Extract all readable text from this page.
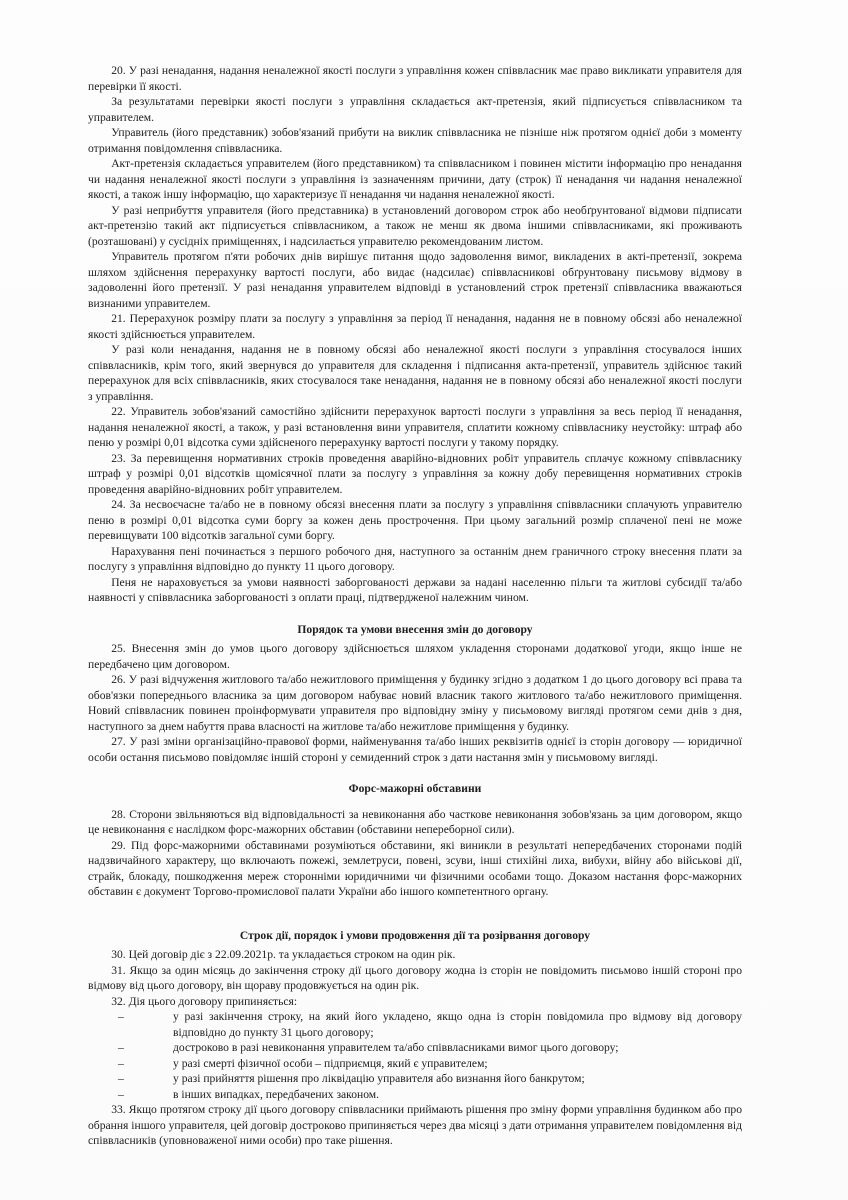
20. У разі ненадання, надання неналежної якості послуги з управління кожен співвласник має право викликати управителя для перевірки її якості.

За результатами перевірки якості послуги з управління складається акт-претензія, який підписується співвласником та управителем.

Управитель (його представник) зобов'язаний прибути на виклик співвласника не пізніше ніж протягом однієї доби з моменту отримання повідомлення співвласника.

Акт-претензія складається управителем (його представником) та співвласником і повинен містити інформацію про ненадання чи надання неналежної якості послуги з управління із зазначенням причини, дату (строк) її ненадання чи надання неналежної якості, а також іншу інформацію, що характеризує її ненадання чи надання неналежної якості.

У разі неприбуття управителя (його представника) в установлений договором строк або необґрунтованої відмови підписати акт-претензію такий акт підписується співвласником, а також не менш як двома іншими співвласниками, які проживають (розташовані) у сусідніх приміщеннях, і надсилається управителю рекомендованим листом.

Управитель протягом п'яти робочих днів вирішує питання щодо задоволення вимог, викладених в акті-претензії, зокрема шляхом здійснення перерахунку вартості послуги, або видає (надсилає) співвласникові обґрунтовану письмову відмову в задоволенні його претензії. У разі ненадання управителем відповіді в установлений строк претензії співвласника вважаються визнаними управителем.

21. Перерахунок розміру плати за послугу з управління за період її ненадання, надання не в повному обсязі або неналежної якості здійснюється управителем.

У разі коли ненадання, надання не в повному обсязі або неналежної якості послуги з управління стосувалося інших співвласників, крім того, який звернувся до управителя для складення і підписання акта-претензії, управитель здійснює такий перерахунок для всіх співвласників, яких стосувалося таке ненадання, надання не в повному обсязі або неналежної якості послуги з управління.

22. Управитель зобов'язаний самостійно здійснити перерахунок вартості послуги з управління за весь період її ненадання, надання неналежної якості, а також, у разі встановлення вини управителя, сплатити кожному співвласнику неустойку: штраф або пеню у розмірі 0,01 відсотка суми здійсненого перерахунку вартості послуги у такому порядку.

23. За перевищення нормативних строків проведення аварійно-відновних робіт управитель сплачує кожному співвласнику штраф у розмірі 0,01 відсотків щомісячної плати за послугу з управління за кожну добу перевищення нормативних строків проведення аварійно-відновних робіт управителем.

24. За несвоєчасне та/або не в повному обсязі внесення плати за послугу з управління співвласники сплачують управителю пеню в розмірі 0,01 відсотка суми боргу за кожен день прострочення. При цьому загальний розмір сплаченої пені не може перевищувати 100 відсотків загальної суми боргу.

Нарахування пені починається з першого робочого дня, наступного за останнім днем граничного строку внесення плати за послугу з управління відповідно до пункту 11 цього договору.

Пеня не нараховується за умови наявності заборгованості держави за надані населенню пільги та житлові субсидії та/або наявності у співвласника заборгованості з оплати праці, підтвердженої належним чином.

Порядок та умови внесення змін до договору

25. Внесення змін до умов цього договору здійснюється шляхом укладення сторонами додаткової угоди, якщо інше не передбачено цим договором.

26. У разі відчуження житлового та/або нежитлового приміщення у будинку згідно з додатком 1 до цього договору всі права та обов'язки попереднього власника за цим договором набуває новий власник такого житлового та/або нежитлового приміщення. Новий співвласник повинен проінформувати управителя про відповідну зміну у письмовому вигляді протягом семи днів з дня, наступного за днем набуття права власності на житлове та/або нежитлове приміщення у будинку.

27. У разі зміни організаційно-правової форми, найменування та/або інших реквізитів однієї із сторін договору — юридичної особи остання письмово повідомляє іншій стороні у семиденний строк з дати настання змін у письмовому вигляді.

Форс-мажорні обставини

28. Сторони звільняються від відповідальності за невиконання або часткове невиконання зобов'язань за цим договором, якщо це невиконання є наслідком форс-мажорних обставин (обставини непереборної сили).

29. Під форс-мажорними обставинами розуміються обставини, які виникли в результаті непередбачених сторонами подій надзвичайного характеру, що включають пожежі, землетруси, повені, зсуви, інші стихійні лиха, вибухи, війну або військові дії, страйк, блокаду, пошкодження мереж сторонніми юридичними чи фізичними особами тощо. Доказом настання форс-мажорних обставин є документ Торгово-промислової палати України або іншого компетентного органу.

Строк дії, порядок і умови продовження дії та розірвання договору

30. Цей договір діє з 22.09.2021р. та укладається строком на один рік.

31. Якщо за один місяць до закінчення строку дії цього договору жодна із сторін не повідомить письмово іншій стороні про відмову від цього договору, він щораву продовжується на один рік.

32. Дія цього договору припиняється:

–	у разі закінчення строку, на який його укладено, якщо одна із сторін повідомила про відмову від договору відповідно до пункту 31 цього договору;
–	достроково в разі невиконання управителем та/або співвласниками вимог цього договору;
–	у разі смерті фізичної особи – підприємця, який є управителем;
–	у разі прийняття рішення про ліквідацію управителя або визнання його банкрутом;
–	в інших випадках, передбачених законом.

33. Якщо протягом строку дії цього договору співвласники приймають рішення про зміну форми управління будинком або про обрання іншого управителя, цей договір достроково припиняється через два місяці з дати отримання управителем повідомлення від співвласників (уповноваженої ними особи) про таке рішення.
